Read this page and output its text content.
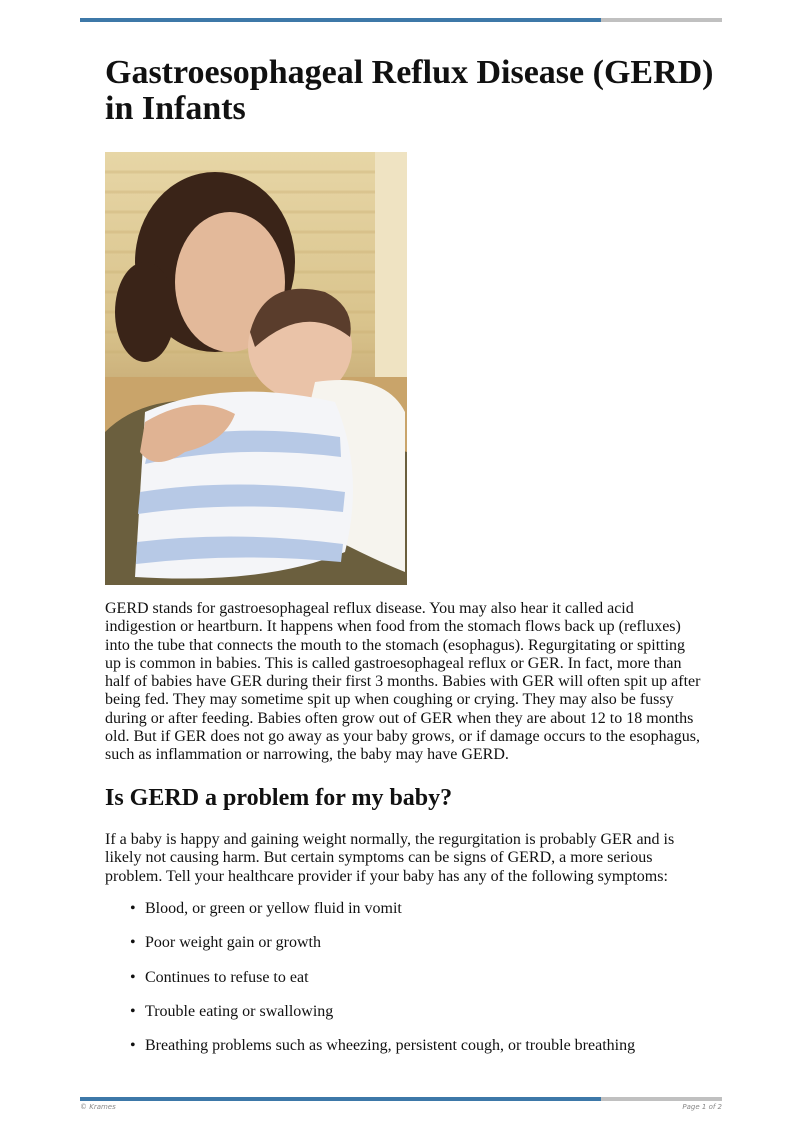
Gastroesophageal Reflux Disease (GERD) in Infants

GERD stands for gastroesophageal reflux disease. You may also hear it called acid indigestion or heartburn. It happens when food from the stomach flows back up (refluxes) into the tube that connects the mouth to the stomach (esophagus). Regurgitating or spitting up is common in babies. This is called gastroesophageal reflux or GER. In fact, more than half of babies have GER during their first 3 months. Babies with GER will often spit up after being fed. They may sometime spit up when coughing or crying. They may also be fussy during or after feeding. Babies often grow out of GER when they are about 12 to 18 months old. But if GER does not go away as your baby grows, or if damage occurs to the esophagus, such as inflammation or narrowing, the baby may have GERD.

Is GERD a problem for my baby?

If a baby is happy and gaining weight normally, the regurgitation is probably GER and is likely not causing harm. But certain symptoms can be signs of GERD, a more serious problem. Tell your healthcare provider if your baby has any of the following symptoms:

• Blood, or green or yellow fluid in vomit
• Poor weight gain or growth
• Continues to refuse to eat
• Trouble eating or swallowing
• Breathing problems such as wheezing, persistent cough, or trouble breathing
© Krames	Page 1 of 2
